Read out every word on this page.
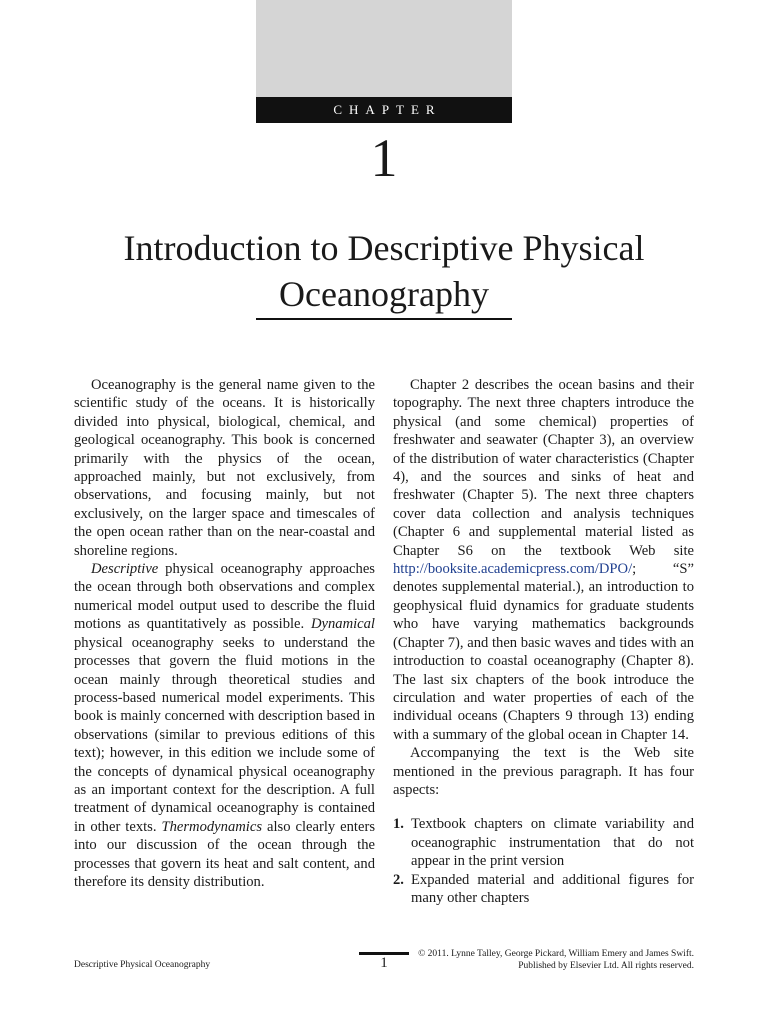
CHAPTER
1
Introduction to Descriptive Physical Oceanography

Oceanography is the general name given to the scientific study of the oceans. It is historically divided into physical, biological, chemical, and geological oceanography. This book is concerned primarily with the physics of the ocean, approached mainly, but not exclusively, from observations, and focusing mainly, but not exclusively, on the larger space and timescales of the open ocean rather than on the near-coastal and shoreline regions.

Descriptive physical oceanography approaches the ocean through both observations and complex numerical model output used to describe the fluid motions as quantitatively as possible. Dynamical physical oceanography seeks to understand the processes that govern the fluid motions in the ocean mainly through theoretical studies and process-based numerical model experiments. This book is mainly concerned with description based in observations (similar to previous editions of this text); however, in this edition we include some of the concepts of dynamical physical oceanography as an important context for the description. A full treatment of dynamical oceanography is contained in other texts. Thermodynamics also clearly enters into our discussion of the ocean through the processes that govern its heat and salt content, and therefore its density distribution.

Chapter 2 describes the ocean basins and their topography. The next three chapters introduce the physical (and some chemical) properties of freshwater and seawater (Chapter 3), an overview of the distribution of water characteristics (Chapter 4), and the sources and sinks of heat and freshwater (Chapter 5). The next three chapters cover data collection and analysis techniques (Chapter 6 and supplemental material listed as Chapter S6 on the textbook Web site http://booksite.academicpress.com/DPO/; “S” denotes supplemental material.), an introduction to geophysical fluid dynamics for graduate students who have varying mathematics backgrounds (Chapter 7), and then basic waves and tides with an introduction to coastal oceanography (Chapter 8). The last six chapters of the book introduce the circulation and water properties of each of the individual oceans (Chapters 9 through 13) ending with a summary of the global ocean in Chapter 14.

Accompanying the text is the Web site mentioned in the previous paragraph. It has four aspects:

1. Textbook chapters on climate variability and oceanographic instrumentation that do not appear in the print version
2. Expanded material and additional figures for many other chapters
1
Descriptive Physical Oceanography
© 2011. Lynne Talley, George Pickard, William Emery and James Swift.
Published by Elsevier Ltd. All rights reserved.
